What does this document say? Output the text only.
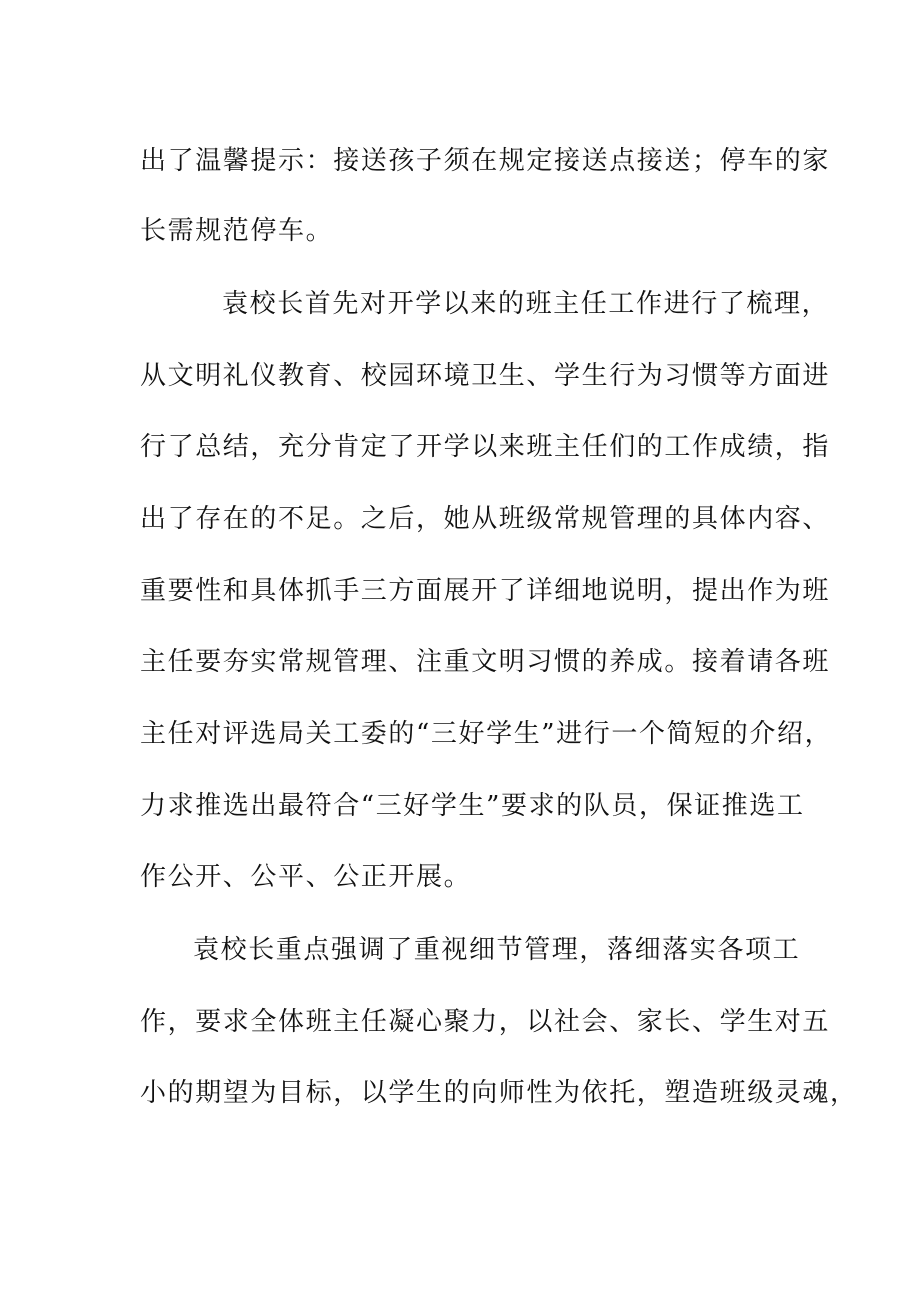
出了温馨提示：接送孩子须在规定接送点接送；停车的家
长需规范停车。
袁校长首先对开学以来的班主任工作进行了梳理，
从文明礼仪教育、校园环境卫生、学生行为习惯等方面进
行了总结，充分肯定了开学以来班主任们的工作成绩，指
出了存在的不足。之后，她从班级常规管理的具体内容、
重要性和具体抓手三方面展开了详细地说明，提出作为班
主任要夯实常规管理、注重文明习惯的养成。接着请各班
主任对评选局关工委的“三好学生”进行一个简短的介绍，
力求推选出最符合“三好学生”要求的队员，保证推选工
作公开、公平、公正开展。
袁校长重点强调了重视细节管理，落细落实各项工
作，要求全体班主任凝心聚力，以社会、家长、学生对五
小的期望为目标，以学生的向师性为依托，塑造班级灵魂，
